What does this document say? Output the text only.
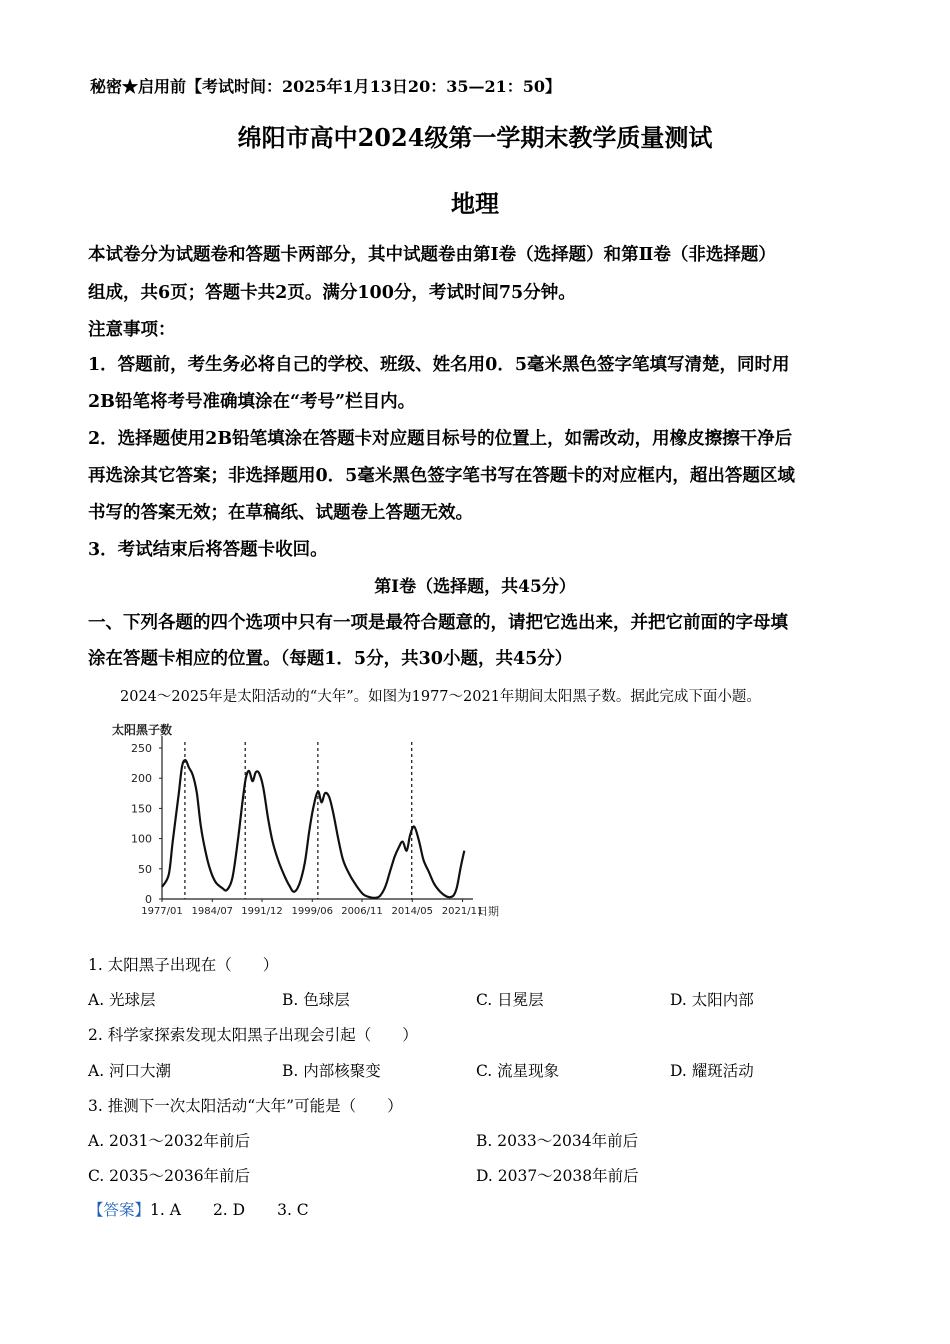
秘密★启用前【考试时间：2025年1月13日20：35—21：50】
绵阳市高中2024级第一学期末教学质量测试
地理
本试卷分为试题卷和答题卡两部分，其中试题卷由第Ⅰ卷（选择题）和第Ⅱ卷（非选择题）
组成，共6页；答题卡共2页。满分100分，考试时间75分钟。
注意事项：
1．答题前，考生务必将自己的学校、班级、姓名用0．5毫米黑色签字笔填写清楚，同时用
2B铅笔将考号准确填涂在“考号”栏目内。
2．选择题使用2B铅笔填涂在答题卡对应题目标号的位置上，如需改动，用橡皮擦擦干净后
再选涂其它答案；非选择题用0．5毫米黑色签字笔书写在答题卡的对应框内，超出答题区域
书写的答案无效；在草稿纸、试题卷上答题无效。
3．考试结束后将答题卡收回。
第Ⅰ卷（选择题，共45分）
一、下列各题的四个选项中只有一项是最符合题意的，请把它选出来，并把它前面的字母填
涂在答题卡相应的位置。（每题1．5分，共30小题，共45分）
2024～2025年是太阳活动的“大年”。如图为1977～2021年期间太阳黑子数。据此完成下面小题。
太阳黑子数
日期
250
200
150
100
50
0
1977/01 1984/07 1991/12 1999/06 2006/11 2014/05 2021/11
1. 太阳黑子出现在（　　）
A. 光球层	B. 色球层	C. 日冕层	D. 太阳内部
2. 科学家探索发现太阳黑子出现会引起（　　）
A. 河口大潮	B. 内部核聚变	C. 流星现象	D. 耀斑活动
3. 推测下一次太阳活动“大年”可能是（　　）
A. 2031～2032年前后	B. 2033～2034年前后
C. 2035～2036年前后	D. 2037～2038年前后
【答案】1. A 2. D 3. C
